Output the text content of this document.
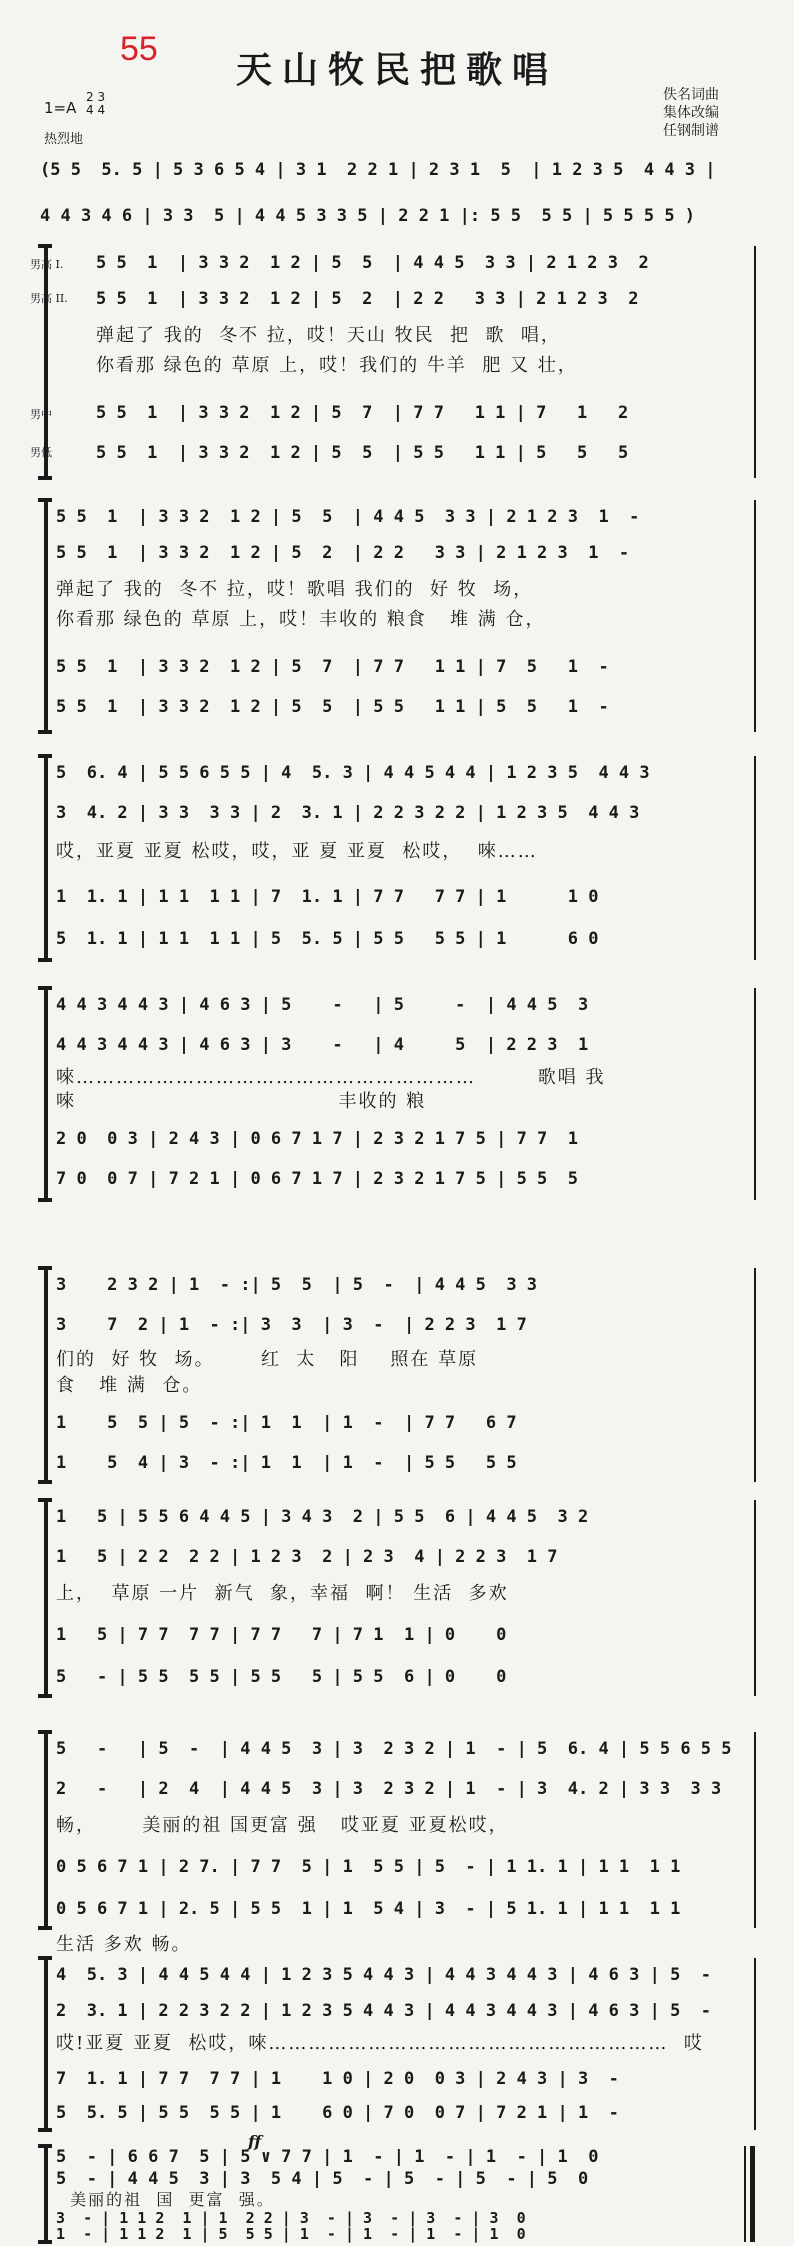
55	天山牧民把歌唱
佚名词曲
集体改编
任钢制谱
1=A
2 3
4 4
热烈地
(5 5  5. 5 | 5 3 6 5 4 | 3 1  2 2 1 | 2 3 1  5  | 1 2 3 5  4 4 3 |
4 4 3 4 6 | 3 3  5 | 4 4 5 3 3 5 | 2 2 1 |: 5 5  5 5 | 5 5 5 5 )
男高 I.
男高 II.
男中
男低
5 5  1  | 3 3 2  1 2 | 5  5  | 4 4 5  3 3 | 2 1 2 3  2
5 5  1  | 3 3 2  1 2 | 5  2  | 2 2   3 3 | 2 1 2 3  2
弹起了 我的  冬不 拉，哎！天山 牧民  把  歌  唱，
你看那 绿色的 草原 上，哎！我们的 牛羊  肥 又 壮，
5 5  1  | 3 3 2  1 2 | 5  7  | 7 7   1 1 | 7   1   2
5 5  1  | 3 3 2  1 2 | 5  5  | 5 5   1 1 | 5   5   5
5 5  1  | 3 3 2  1 2 | 5  5  | 4 4 5  3 3 | 2 1 2 3  1  -
5 5  1  | 3 3 2  1 2 | 5  2  | 2 2   3 3 | 2 1 2 3  1  -
弹起了 我的  冬不 拉，哎！歌唱 我们的  好 牧  场，
你看那 绿色的 草原 上，哎！丰收的 粮食   堆 满 仓，
5 5  1  | 3 3 2  1 2 | 5  7  | 7 7   1 1 | 7  5   1  -
5 5  1  | 3 3 2  1 2 | 5  5  | 5 5   1 1 | 5  5   1  -
5  6. 4 | 5 5 6 5 5 | 4  5. 3 | 4 4 5 4 4 | 1 2 3 5  4 4 3
3  4. 2 | 3 3  3 3 | 2  3. 1 | 2 2 3 2 2 | 1 2 3 5  4 4 3
哎，亚夏 亚夏 松哎，哎，亚 夏 亚夏  松哎，  唻……
1  1. 1 | 1 1  1 1 | 7  1. 1 | 7 7   7 7 | 1      1 0
5  1. 1 | 1 1  1 1 | 5  5. 5 | 5 5   5 5 | 1      6 0
4 4 3 4 4 3 | 4 6 3 | 5    -   | 5     -  | 4 4 5  3
4 4 3 4 4 3 | 4 6 3 | 3    -   | 4     5  | 2 2 3  1
唻……………………………………………………        歌唱 我
唻                                  丰收的 粮
2 0  0 3 | 2 4 3 | 0 6 7 1 7 | 2 3 2 1 7 5 | 7 7  1
7 0  0 7 | 7 2 1 | 0 6 7 1 7 | 2 3 2 1 7 5 | 5 5  5
3    2 3 2 | 1  - :| 5  5  | 5  -  | 4 4 5  3 3
3    7  2 | 1  - :| 3  3  | 3  -  | 2 2 3  1 7
们的  好 牧  场。      红  太   阳    照在 草原
食   堆 满  仓。
1    5  5 | 5  - :| 1  1  | 1  -  | 7 7   6 7
1    5  4 | 3  - :| 1  1  | 1  -  | 5 5   5 5
1   5 | 5 5 6 4 4 5 | 3 4 3  2 | 5 5  6 | 4 4 5  3 2
1   5 | 2 2  2 2 | 1 2 3  2 | 2 3  4 | 2 2 3  1 7
上，  草原 一片  新气  象，幸福  啊！ 生活  多欢
1   5 | 7 7  7 7 | 7 7   7 | 7 1  1 | 0    0
5   - | 5 5  5 5 | 5 5   5 | 5 5  6 | 0    0
5   -   | 5  -  | 4 4 5  3 | 3  2 3 2 | 1  - | 5  6. 4 | 5 5 6 5 5
2   -   | 2  4  | 4 4 5  3 | 3  2 3 2 | 1  - | 3  4. 2 | 3 3  3 3
畅，      美丽的祖 国更富 强   哎亚夏 亚夏松哎，
0 5 6 7 1 | 2 7. | 7 7  5 | 1  5 5 | 5  - | 1 1. 1 | 1 1  1 1
0 5 6 7 1 | 2. 5 | 5 5  1 | 1  5 4 | 3  - | 5 1. 1 | 1 1  1 1
生活 多欢 畅。
4  5. 3 | 4 4 5 4 4 | 1 2 3 5 4 4 3 | 4 4 3 4 4 3 | 4 6 3 | 5  -
2  3. 1 | 2 2 3 2 2 | 1 2 3 5 4 4 3 | 4 4 3 4 4 3 | 4 6 3 | 5  -
哎!亚夏 亚夏  松哎，唻……………………………………………………  哎
7  1. 1 | 7 7  7 7 | 1    1 0 | 2 0  0 3 | 2 4 3 | 3  -
5  5. 5 | 5 5  5 5 | 1    6 0 | 7 0  0 7 | 7 2 1 | 1  -
ff
5  - | 6 6 7  5 | 5 ∨ 7 7 | 1  - | 1  - | 1  - | 1  0
5  - | 4 4 5  3 | 3  5 4 | 5  - | 5  - | 5  - | 5  0
美丽的祖  国  更富  强。
3  - | 1 1 2  1 | 1  2 2 | 3  - | 3  - | 3  - | 3  0
1  - | 1 1 2  1 | 5  5 5 | 1  - | 1  - | 1  - | 1  0
